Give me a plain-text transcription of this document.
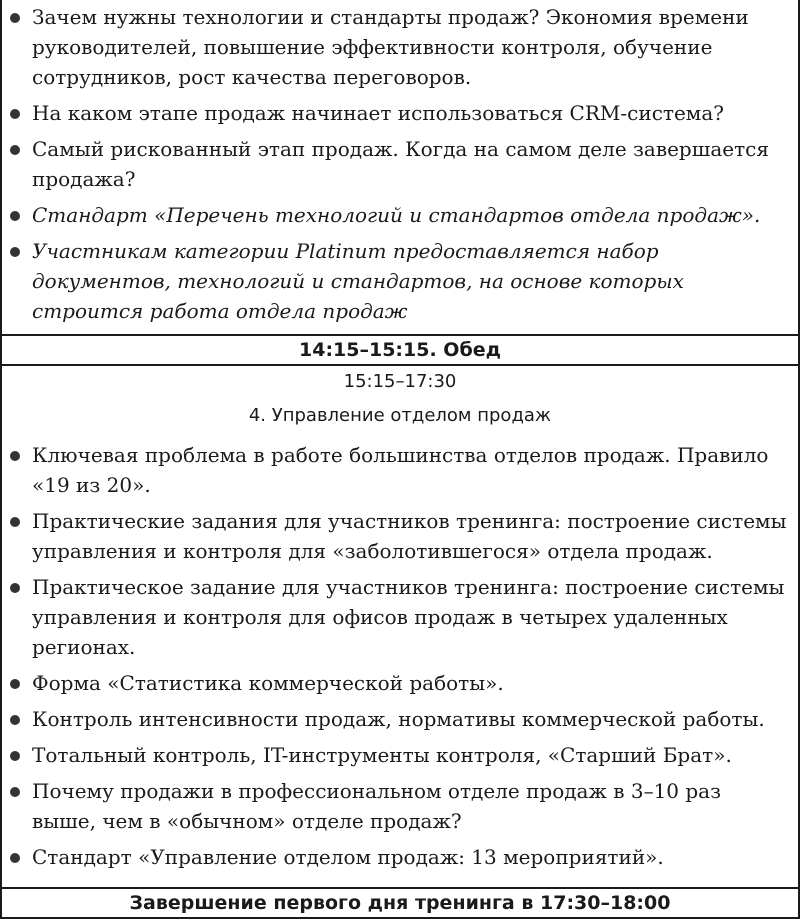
Зачем нужны технологии и стандарты продаж? Экономия времени руководителей, повышение эффективности контроля, обучение сотрудников, рост качества переговоров.
На каком этапе продаж начинает использоваться CRM-система?
Самый рискованный этап продаж. Когда на самом деле завершается продажа?
Стандарт «Перечень технологий и стандартов отдела продаж».
Участникам категории Platinum предоставляется набор документов, технологий и стандартов, на основе которых строится работа отдела продаж
14:15–15:15. Обед
15:15–17:30
4. Управление отделом продаж
Ключевая проблема в работе большинства отделов продаж. Правило «19 из 20».
Практические задания для участников тренинга: построение системы управления и контроля для «заболотившегося» отдела продаж.
Практическое задание для участников тренинга: построение системы управления и контроля для офисов продаж в четырех удаленных регионах.
Форма «Статистика коммерческой работы».
Контроль интенсивности продаж, нормативы коммерческой работы.
Тотальный контроль, IT-инструменты контроля, «Старший Брат».
Почему продажи в профессиональном отделе продаж в 3–10 раз выше, чем в «обычном» отделе продаж?
Стандарт «Управление отделом продаж: 13 мероприятий».
Завершение первого дня тренинга в 17:30–18:00
